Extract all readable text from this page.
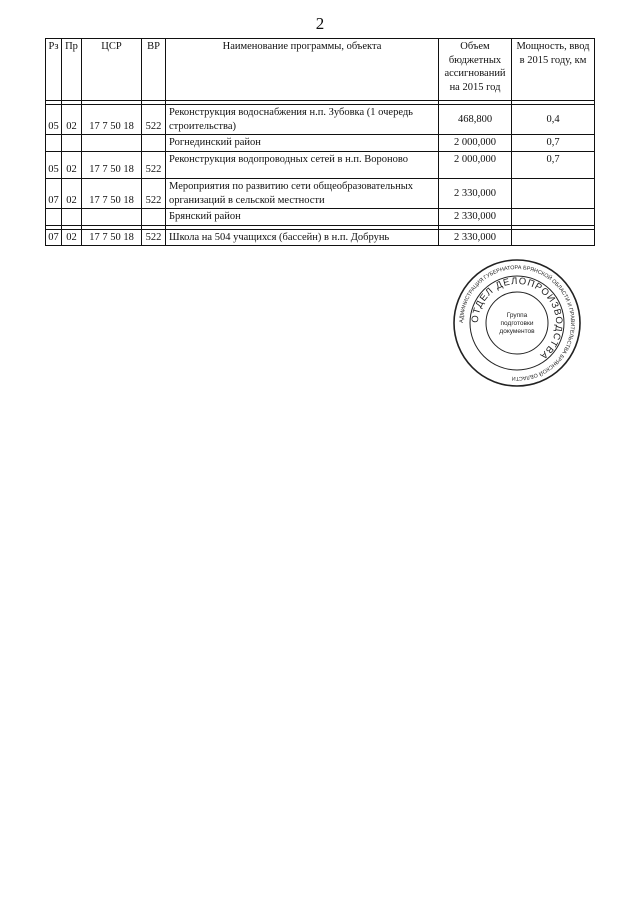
2
Рз	Пр	ЦСР	ВР	Наименование программы, объекта	Объем бюджетных ассигнований на 2015 год	Мощность, ввод в 2015 году, км

05	02	17 7 50 18	522	Реконструкция водоснабжения н.п. Зубовка (1 очередь строительства)	468,800	0,4
				Рогнединский район	2 000,000	0,7
05	02	17 7 50 18	522	Реконструкция водопроводных сетей в н.п. Вороново	2 000,000	0,7
07	02	17 7 50 18	522	Мероприятия по развитию сети общеобразовательных организаций в сельской местности	2 330,000	
				Брянский район	2 330,000	

07	02	17 7 50 18	522	Школа на 504 учащихся (бассейн) в н.п. Добрунь	2 330,000	
АДМИНИСТРАЦИЯ ГУБЕРНАТОРА БРЯНСКОЙ ОБЛАСТИ И ПРАВИТЕЛЬСТВА БРЯНСКОЙ ОБЛАСТИ
ОТДЕЛ ДЕЛОПРОИЗВОДСТВА
Группа
подготовки
документов
